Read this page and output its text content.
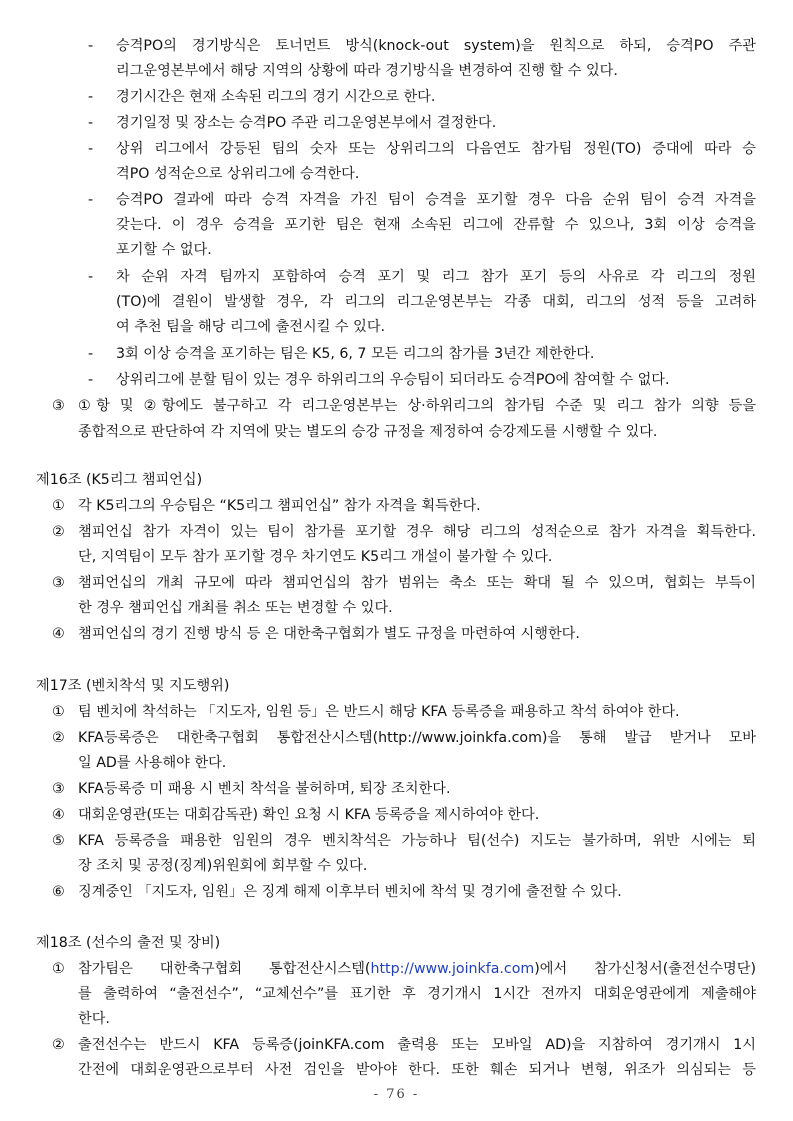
- 승격PO의 경기방식은 토너먼트 방식(knock-out system)을 원칙으로 하되, 승격PO 주관
리그운영본부에서 해당 지역의 상황에 따라 경기방식을 변경하여 진행 할 수 있다.
- 경기시간은 현재 소속된 리그의 경기 시간으로 한다.
- 경기일정 및 장소는 승격PO 주관 리그운영본부에서 결정한다.
- 상위 리그에서 강등된 팀의 숫자 또는 상위리그의 다음연도 참가팀 정원(TO) 증대에 따라 승
격PO 성적순으로 상위리그에 승격한다.
- 승격PO 결과에 따라 승격 자격을 가진 팀이 승격을 포기할 경우 다음 순위 팀이 승격 자격을
갖는다. 이 경우 승격을 포기한 팀은 현재 소속된 리그에 잔류할 수 있으나, 3회 이상 승격을
포기할 수 없다.
- 차 순위 자격 팀까지 포함하여 승격 포기 및 리그 참가 포기 등의 사유로 각 리그의 정원
(TO)에 결원이 발생할 경우, 각 리그의 리그운영본부는 각종 대회, 리그의 성적 등을 고려하
여 추천 팀을 해당 리그에 출전시킬 수 있다.
- 3회 이상 승격을 포기하는 팀은 K5, 6, 7 모든 리그의 참가를 3년간 제한한다.
- 상위리그에 분할 팀이 있는 경우 하위리그의 우승팀이 되더라도 승격PO에 참여할 수 없다.
③ ①항 및 ②항에도 불구하고 각 리그운영본부는 상·하위리그의 참가팀 수준 및 리그 참가 의향 등을
종합적으로 판단하여 각 지역에 맞는 별도의 승강 규정을 제정하여 승강제도를 시행할 수 있다.
제16조 (K5리그 챔피언십)
① 각 K5리그의 우승팀은 “K5리그 챔피언십” 참가 자격을 획득한다.
② 챔피언십 참가 자격이 있는 팀이 참가를 포기할 경우 해당 리그의 성적순으로 참가 자격을 획득한다.
단, 지역팀이 모두 참가 포기할 경우 차기연도 K5리그 개설이 불가할 수 있다.
③ 챔피언십의 개최 규모에 따라 챔피언십의 참가 범위는 축소 또는 확대 될 수 있으며, 협회는 부득이
한 경우 챔피언십 개최를 취소 또는 변경할 수 있다.
④ 챔피언십의 경기 진행 방식 등 은 대한축구협회가 별도 규정을 마련하여 시행한다.
제17조 (벤치착석 및 지도행위)
① 팀 벤치에 착석하는 「지도자, 임원 등」은 반드시 해당 KFA 등록증을 패용하고 착석 하여야 한다.
② KFA등록증은 대한축구협회 통합전산시스템(http://www.joinkfa.com)을 통해 발급 받거나 모바
일 AD를 사용해야 한다.
③ KFA등록증 미 패용 시 벤치 착석을 불허하며, 퇴장 조치한다.
④ 대회운영관(또는 대회감독관) 확인 요청 시 KFA 등록증을 제시하여야 한다.
⑤ KFA 등록증을 패용한 임원의 경우 벤치착석은 가능하나 팀(선수) 지도는 불가하며, 위반 시에는 퇴
장 조치 및 공정(징계)위원회에 회부할 수 있다.
⑥ 징계중인 「지도자, 임원」은 징계 해제 이후부터 벤치에 착석 및 경기에 출전할 수 있다.
제18조 (선수의 출전 및 장비)
① 참가팀은 대한축구협회 통합전산시스템(http://www.joinkfa.com)에서 참가신청서(출전선수명단)
를 출력하여 “출전선수”, “교체선수”를 표기한 후 경기개시 1시간 전까지 대회운영관에게 제출해야
한다.
② 출전선수는 반드시 KFA 등록증(joinKFA.com 출력용 또는 모바일 AD)을 지참하여 경기개시 1시
간전에 대회운영관으로부터 사전 검인을 받아야 한다. 또한 훼손 되거나 변형, 위조가 의심되는 등
- 76 -
